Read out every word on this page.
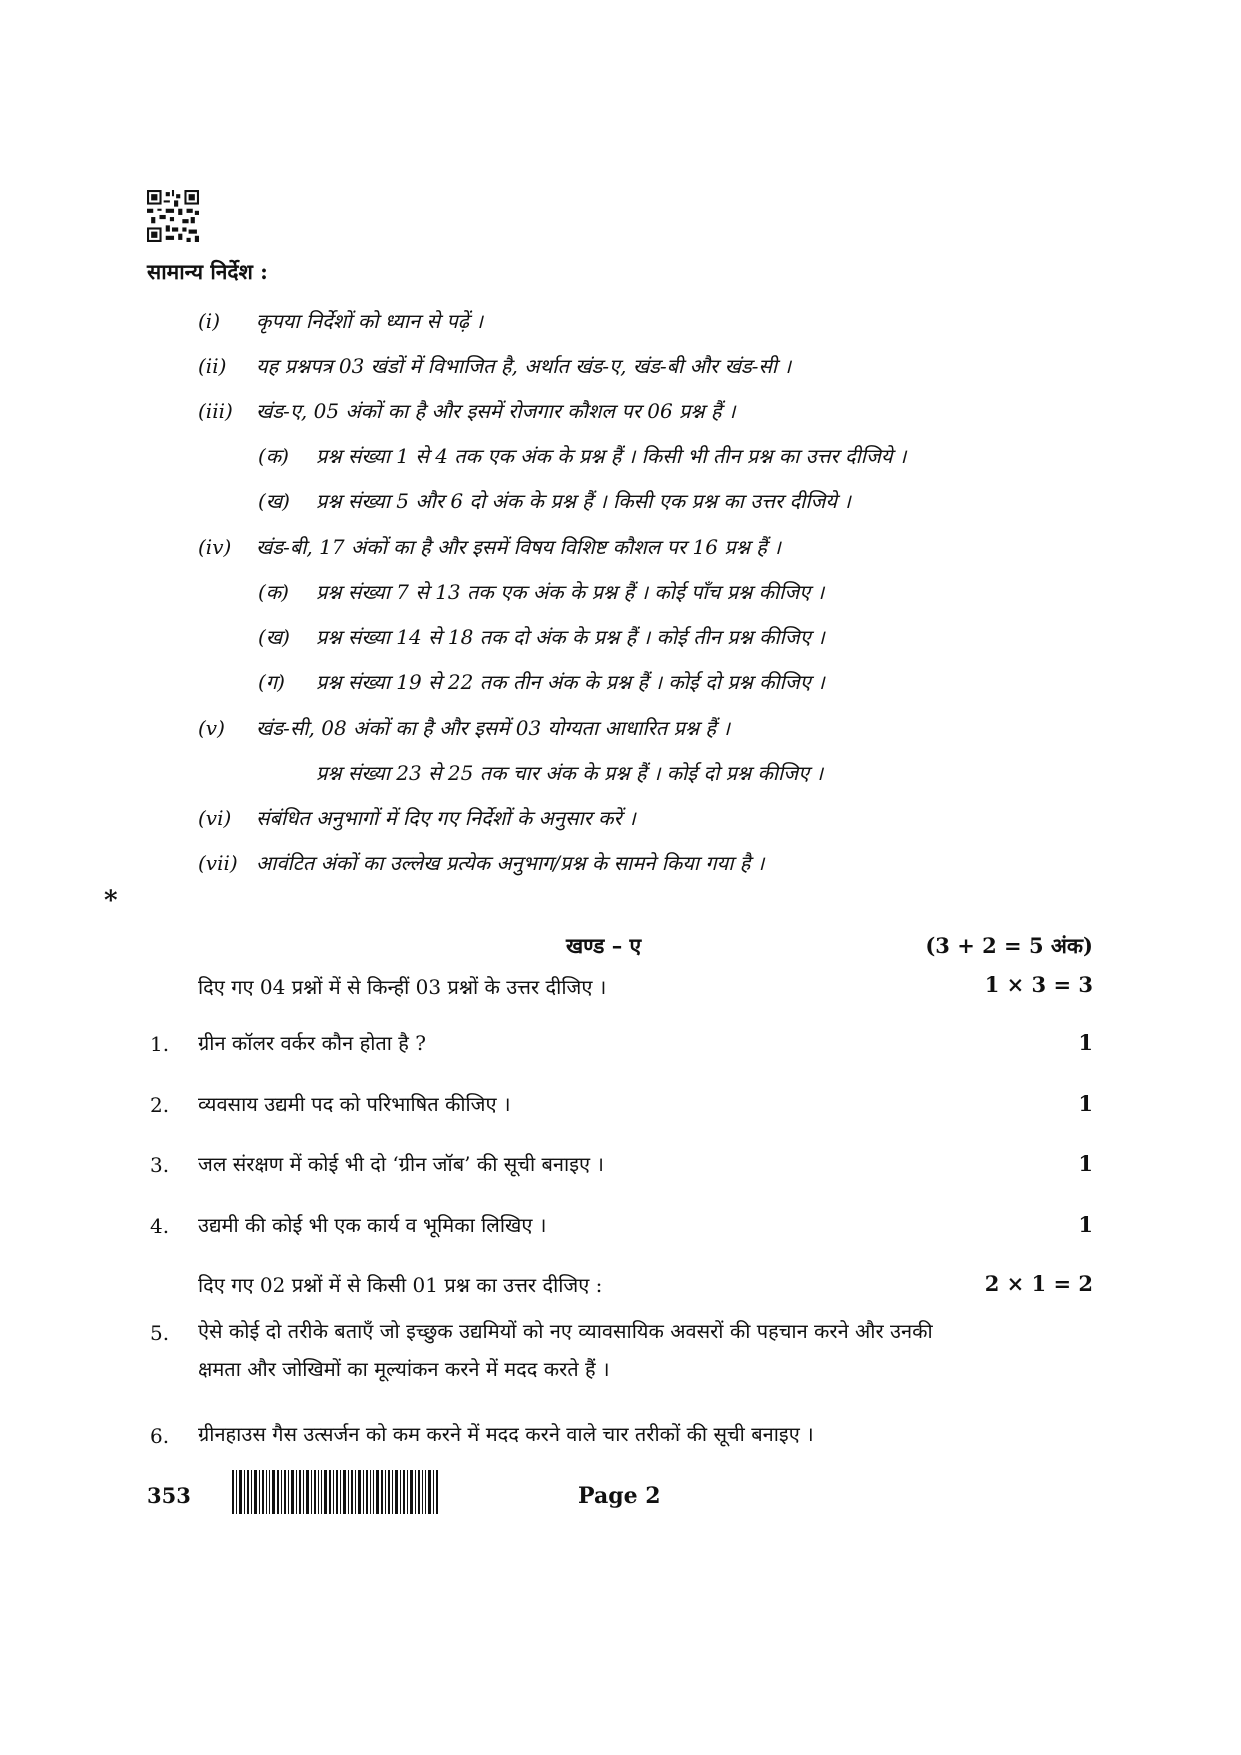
सामान्य निर्देश :
(i) कृपया निर्देशों को ध्यान से पढ़ें ।
(ii) यह प्रश्नपत्र 03 खंडों में विभाजित है, अर्थात खंड-ए, खंड-बी और खंड-सी ।
(iii) खंड-ए, 05 अंकों का है और इसमें रोजगार कौशल पर 06 प्रश्न हैं ।
(क) प्रश्न संख्या 1 से 4 तक एक अंक के प्रश्न हैं । किसी भी तीन प्रश्न का उत्तर दीजिये ।
(ख) प्रश्न संख्या 5 और 6 दो अंक के प्रश्न हैं । किसी एक प्रश्न का उत्तर दीजिये ।
(iv) खंड-बी, 17 अंकों का है और इसमें विषय विशिष्ट कौशल पर 16 प्रश्न हैं ।
(क) प्रश्न संख्या 7 से 13 तक एक अंक के प्रश्न हैं । कोई पाँच प्रश्न कीजिए ।
(ख) प्रश्न संख्या 14 से 18 तक दो अंक के प्रश्न हैं । कोई तीन प्रश्न कीजिए ।
(ग) प्रश्न संख्या 19 से 22 तक तीन अंक के प्रश्न हैं । कोई दो प्रश्न कीजिए ।
(v) खंड-सी, 08 अंकों का है और इसमें 03 योग्यता आधारित प्रश्न हैं ।
प्रश्न संख्या 23 से 25 तक चार अंक के प्रश्न हैं । कोई दो प्रश्न कीजिए ।
(vi) संबंधित अनुभागों में दिए गए निर्देशों के अनुसार करें ।
(vii) आवंटित अंकों का उल्लेख प्रत्येक अनुभाग/प्रश्न के सामने किया गया है ।
*
खण्ड – ए	(3 + 2 = 5 अंक)
दिए गए 04 प्रश्नों में से किन्हीं 03 प्रश्नों के उत्तर दीजिए ।	1 × 3 = 3
1. ग्रीन कॉलर वर्कर कौन होता है ?	1
2. व्यवसाय उद्यमी पद को परिभाषित कीजिए ।	1
3. जल संरक्षण में कोई भी दो ‘ग्रीन जॉब’ की सूची बनाइए ।	1
4. उद्यमी की कोई भी एक कार्य व भूमिका लिखिए ।	1
दिए गए 02 प्रश्नों में से किसी 01 प्रश्न का उत्तर दीजिए :	2 × 1 = 2
5. ऐसे कोई दो तरीके बताएँ जो इच्छुक उद्यमियों को नए व्यावसायिक अवसरों की पहचान करने और उनकी
क्षमता और जोखिमों का मूल्यांकन करने में मदद करते हैं ।
6. ग्रीनहाउस गैस उत्सर्जन को कम करने में मदद करने वाले चार तरीकों की सूची बनाइए ।
353	Page 2
